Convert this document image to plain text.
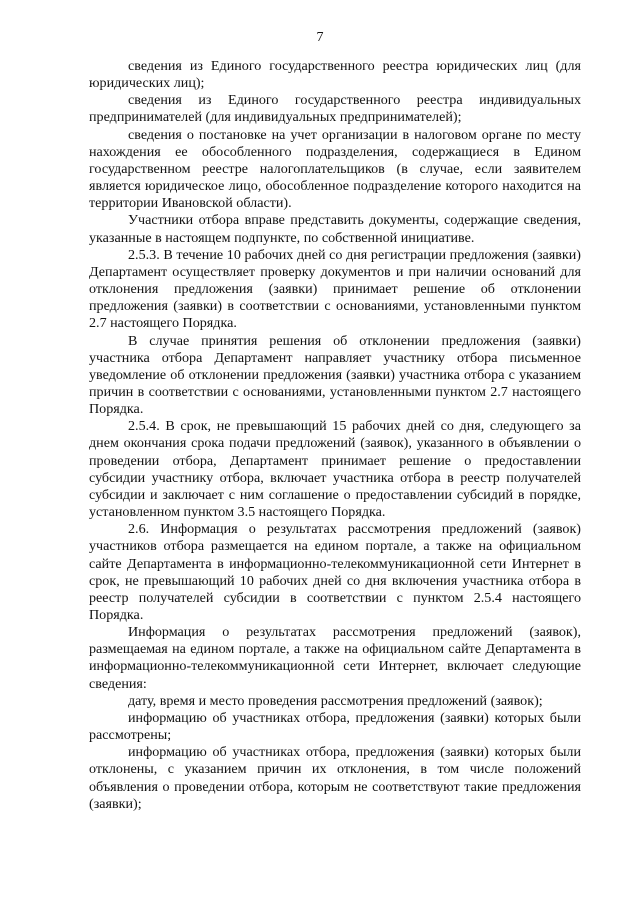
7

сведения из Единого государственного реестра юридических лиц (для юридических лиц);

сведения из Единого государственного реестра индивидуальных предпринимателей (для индивидуальных предпринимателей);

сведения о постановке на учет организации в налоговом органе по месту нахождения ее обособленного подразделения, содержащиеся в Едином государственном реестре налогоплательщиков (в случае, если заявителем является юридическое лицо, обособленное подразделение которого находится на территории Ивановской области).

Участники отбора вправе представить документы, содержащие сведения, указанные в настоящем подпункте, по собственной инициативе.

2.5.3. В течение 10 рабочих дней со дня регистрации предложения (заявки) Департамент осуществляет проверку документов и при наличии оснований для отклонения предложения (заявки) принимает решение об отклонении предложения (заявки) в соответствии с основаниями, установленными пунктом 2.7 настоящего Порядка.

В случае принятия решения об отклонении предложения (заявки) участника отбора Департамент направляет участнику отбора письменное уведомление об отклонении предложения (заявки) участника отбора с указанием причин в соответствии с основаниями, установленными пунктом 2.7 настоящего Порядка.

2.5.4. В срок, не превышающий 15 рабочих дней со дня, следующего за днем окончания срока подачи предложений (заявок), указанного в объявлении о проведении отбора, Департамент принимает решение о предоставлении субсидии участнику отбора, включает участника отбора в реестр получателей субсидии и заключает с ним соглашение о предоставлении субсидий в порядке, установленном пунктом 3.5 настоящего Порядка.

2.6. Информация о результатах рассмотрения предложений (заявок) участников отбора размещается на едином портале, а также на официальном сайте Департамента в информационно-телекоммуникационной сети Интернет в срок, не превышающий 10 рабочих дней со дня включения участника отбора в реестр получателей субсидии в соответствии с пунктом 2.5.4 настоящего Порядка.

Информация о результатах рассмотрения предложений (заявок), размещаемая на едином портале, а также на официальном сайте Департамента в информационно-телекоммуникационной сети Интернет, включает следующие сведения:

дату, время и место проведения рассмотрения предложений (заявок);

информацию об участниках отбора, предложения (заявки) которых были рассмотрены;

информацию об участниках отбора, предложения (заявки) которых были отклонены, с указанием причин их отклонения, в том числе положений объявления о проведении отбора, которым не соответствуют такие предложения (заявки);
